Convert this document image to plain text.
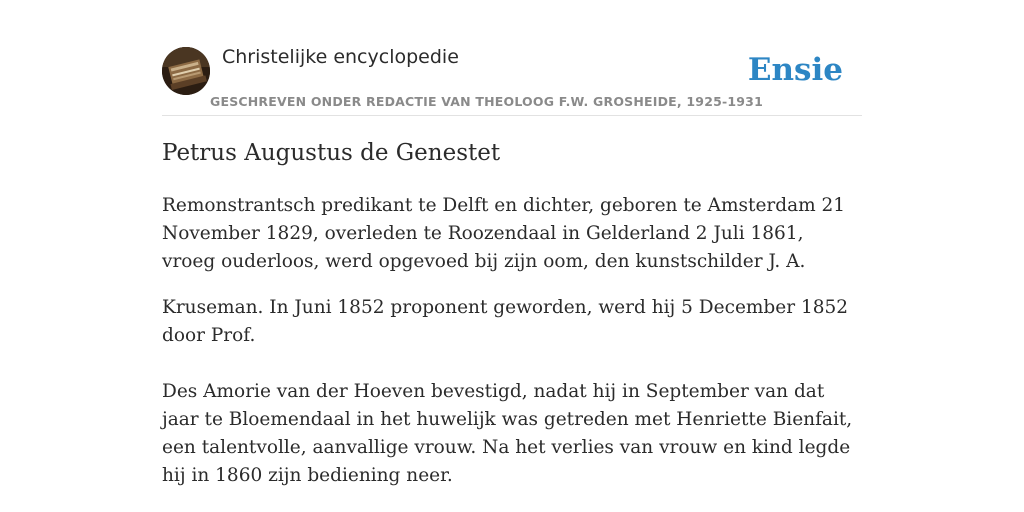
Christelijke encyclopedie
GESCHREVEN ONDER REDACTIE VAN THEOLOOG F.W. GROSHEIDE, 1925-1931
Ensie
Petrus Augustus de Genestet

Remonstrantsch predikant te Delft en dichter, geboren te Amsterdam 21 November 1829, overleden te Roozendaal in Gelderland 2 Juli 1861, vroeg ouderloos, werd opgevoed bij zijn oom, den kunstschilder J. A.

Kruseman. In Juni 1852 proponent geworden, werd hij 5 December 1852 door Prof.

Des Amorie van der Hoeven bevestigd, nadat hij in September van dat jaar te Bloemendaal in het huwelijk was getreden met Henriette Bienfait, een talentvolle, aanvallige vrouw. Na het verlies van vrouw en kind legde hij in 1860 zijn bediening neer.
